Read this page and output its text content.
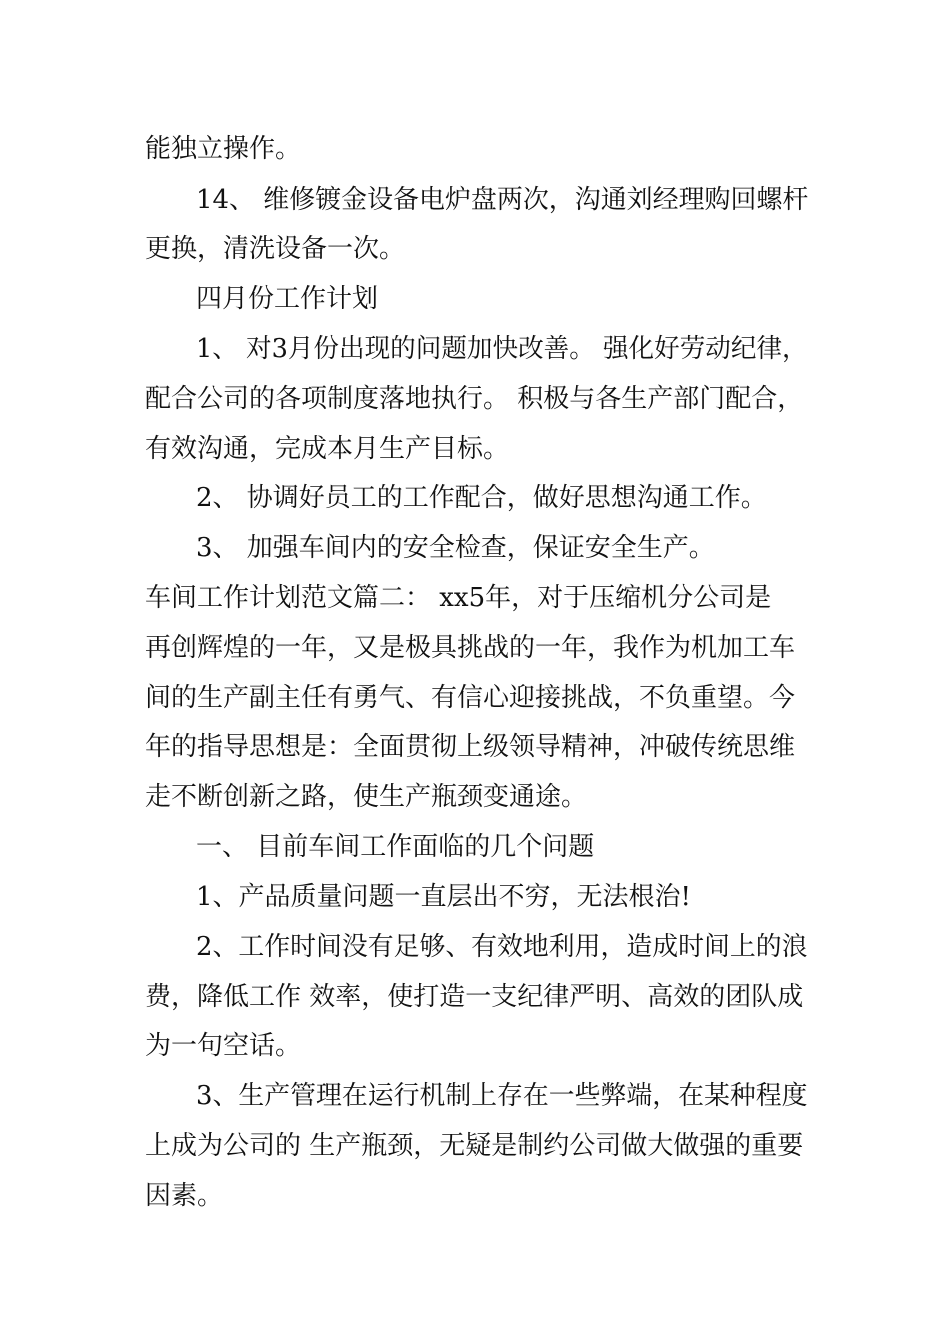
能独立操作。

14、 维修镀金设备电炉盘两次，沟通刘经理购回螺杆

更换，清洗设备一次。

四月份工作计划

1、 对3月份出现的问题加快改善。 强化好劳动纪律，

配合公司的各项制度落地执行。 积极与各生产部门配合，

有效沟通，完成本月生产目标。

2、 协调好员工的工作配合，做好思想沟通工作。

3、 加强车间内的安全检查，保证安全生产。

车间工作计划范文篇二： xx5年，对于压缩机分公司是

再创辉煌的一年，又是极具挑战的一年，我作为机加工车

间的生产副主任有勇气、有信心迎接挑战，不负重望。今

年的指导思想是：全面贯彻上级领导精神，冲破传统思维

走不断创新之路，使生产瓶颈变通途。

一、 目前车间工作面临的几个问题

1、产品质量问题一直层出不穷，无法根治!

2、工作时间没有足够、有效地利用，造成时间上的浪

费，降低工作 效率，使打造一支纪律严明、高效的团队成

为一句空话。

3、生产管理在运行机制上存在一些弊端，在某种程度

上成为公司的 生产瓶颈，无疑是制约公司做大做强的重要

因素。
